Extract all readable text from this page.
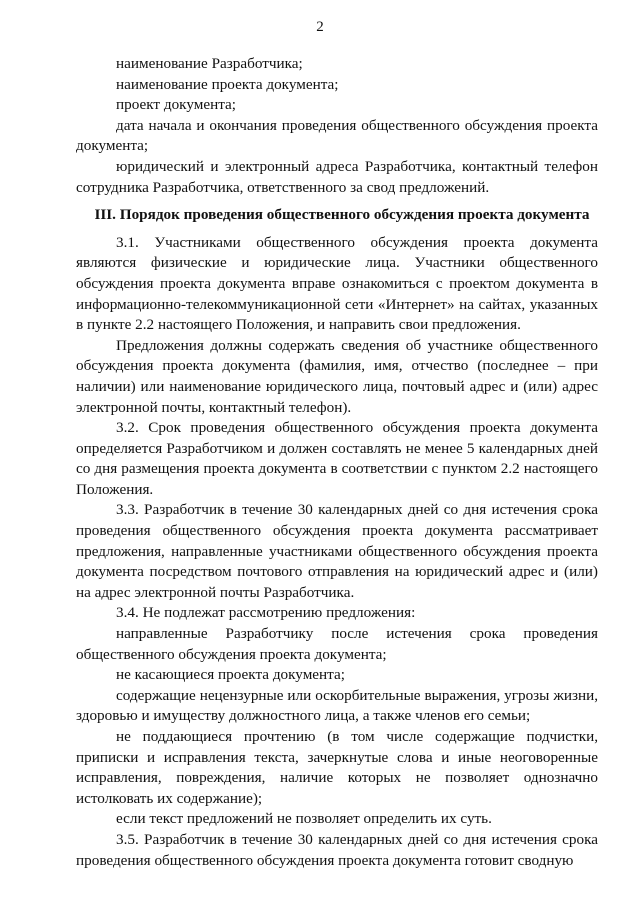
2

наименование Разработчика;

наименование проекта документа;

проект документа;

дата начала и окончания проведения общественного обсуждения проекта документа;

юридический и электронный адреса Разработчика, контактный телефон сотрудника Разработчика, ответственного за свод предложений.

III. Порядок проведения общественного обсуждения проекта документа

3.1. Участниками общественного обсуждения проекта документа являются физические и юридические лица. Участники общественного обсуждения проекта документа вправе ознакомиться с проектом документа в информационно-телекоммуникационной сети «Интернет» на сайтах, указанных в пункте 2.2 настоящего Положения, и направить свои предложения.

Предложения должны содержать сведения об участнике общественного обсуждения проекта документа (фамилия, имя, отчество (последнее – при наличии) или наименование юридического лица, почтовый адрес и (или) адрес электронной почты, контактный телефон).

3.2. Срок проведения общественного обсуждения проекта документа определяется Разработчиком и должен составлять не менее 5 календарных дней со дня размещения проекта документа в соответствии с пунктом 2.2 настоящего Положения.

3.3. Разработчик в течение 30 календарных дней со дня истечения срока проведения общественного обсуждения проекта документа рассматривает предложения, направленные участниками общественного обсуждения проекта документа посредством почтового отправления на юридический адрес и (или) на адрес электронной почты Разработчика.

3.4. Не подлежат рассмотрению предложения:

направленные Разработчику после истечения срока проведения общественного обсуждения проекта документа;

не касающиеся проекта документа;

содержащие нецензурные или оскорбительные выражения, угрозы жизни, здоровью и имуществу должностного лица, а также членов его семьи;

не поддающиеся прочтению (в том числе содержащие подчистки, приписки и исправления текста, зачеркнутые слова и иные неоговоренные исправления, повреждения, наличие которых не позволяет однозначно истолковать их содержание);

если текст предложений не позволяет определить их суть.

3.5. Разработчик в течение 30 календарных дней со дня истечения срока проведения общественного обсуждения проекта документа готовит сводную
